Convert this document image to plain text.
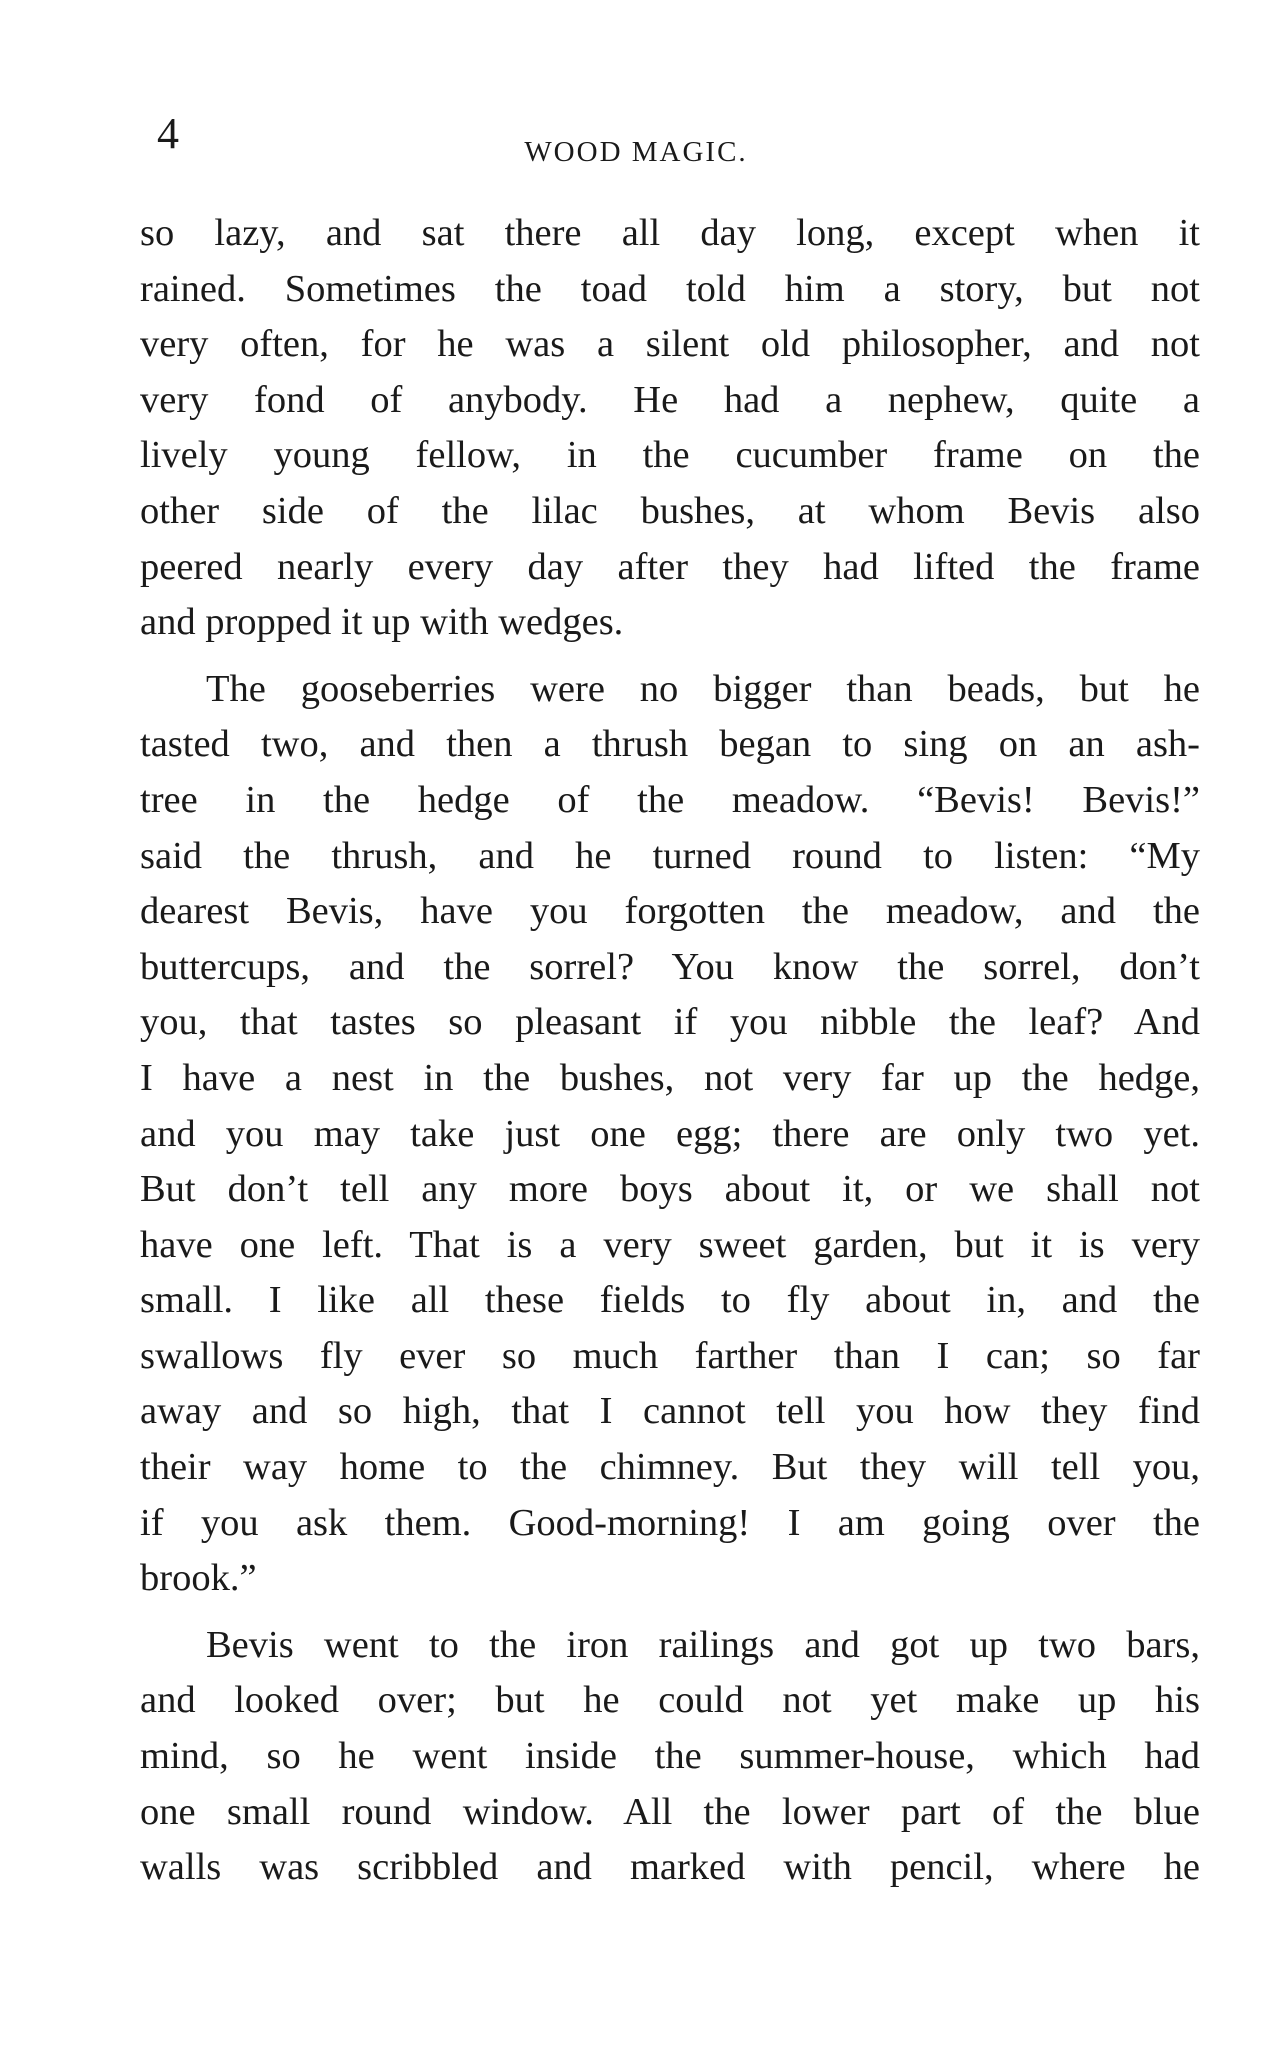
4	WOOD MAGIC.
so lazy, and sat there all day long, except when it
rained. Sometimes the toad told him a story, but not
very often, for he was a silent old philosopher, and not
very fond of anybody. He had a nephew, quite a
lively young fellow, in the cucumber frame on the
other side of the lilac bushes, at whom Bevis also
peered nearly every day after they had lifted the frame
and propped it up with wedges.
The gooseberries were no bigger than beads, but he
tasted two, and then a thrush began to sing on an ash-
tree in the hedge of the meadow. “Bevis! Bevis!”
said the thrush, and he turned round to listen: “My
dearest Bevis, have you forgotten the meadow, and the
buttercups, and the sorrel? You know the sorrel, don’t
you, that tastes so pleasant if you nibble the leaf? And
I have a nest in the bushes, not very far up the hedge,
and you may take just one egg; there are only two yet.
But don’t tell any more boys about it, or we shall not
have one left. That is a very sweet garden, but it is very
small. I like all these fields to fly about in, and the
swallows fly ever so much farther than I can; so far
away and so high, that I cannot tell you how they find
their way home to the chimney. But they will tell you,
if you ask them. Good-morning! I am going over the
brook.”
Bevis went to the iron railings and got up two bars,
and looked over; but he could not yet make up his
mind, so he went inside the summer-house, which had
one small round window. All the lower part of the blue
walls was scribbled and marked with pencil, where he
